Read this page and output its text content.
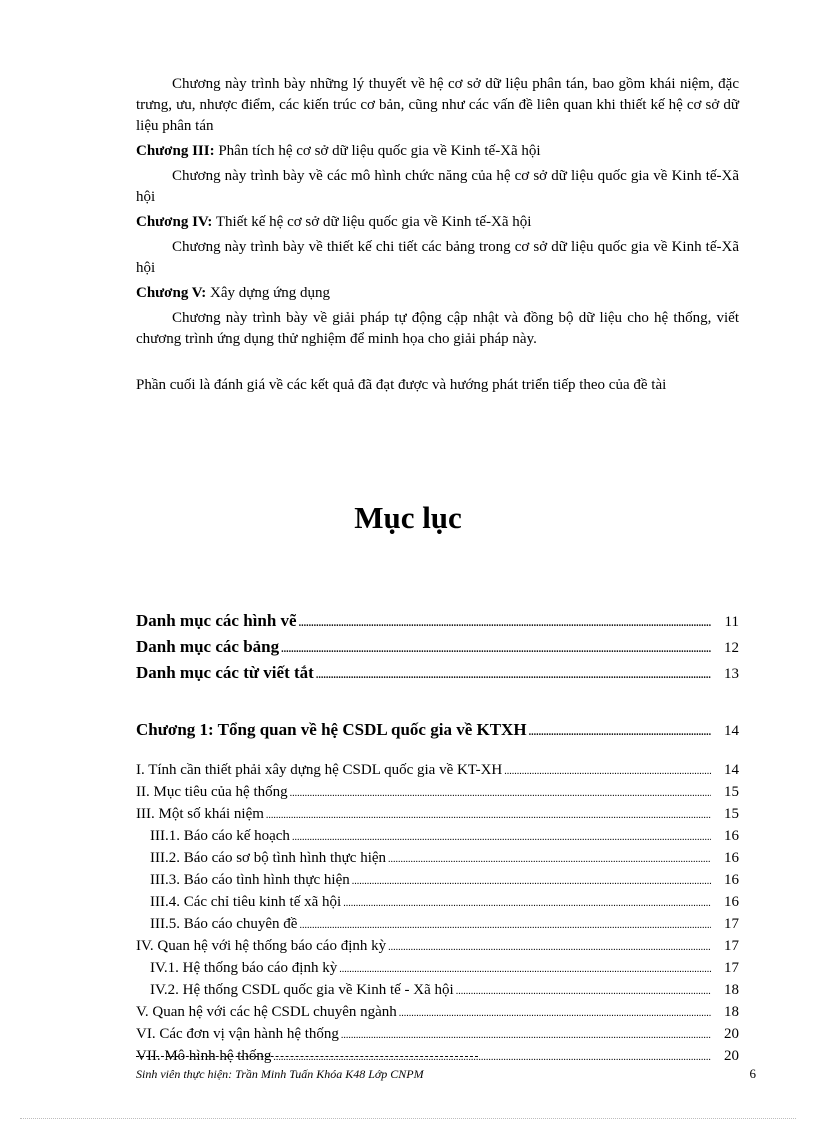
Chương này trình bày những lý thuyết về hệ cơ sở dữ liệu phân tán, bao gồm khái niệm, đặc trưng, ưu, nhược điểm, các kiến trúc cơ bản, cũng như các vấn đề liên quan khi thiết kế hệ cơ sở dữ liệu phân tán

Chương III: Phân tích hệ cơ sở dữ liệu quốc gia về Kinh tế-Xã hội

Chương này trình bày về các mô hình chức năng của hệ cơ sở dữ liệu quốc gia về Kinh tế-Xã hội

Chương IV: Thiết kế hệ cơ sở dữ liệu quốc gia về Kinh tế-Xã hội

Chương này trình bày về thiết kế chi tiết các bảng trong cơ sở dữ liệu quốc gia về Kinh tế-Xã hội

Chương V: Xây dựng ứng dụng

Chương này trình bày về giải pháp tự động cập nhật và đồng bộ dữ liệu cho hệ thống, viết chương trình ứng dụng thử nghiệm để minh họa cho giải pháp này.

Phần cuối là đánh giá về các kết quả đã đạt được và hướng phát triển tiếp theo của đề tài

Mục lục
Danh mục các hình vẽ .....	11
Danh mục các bảng .....	12
Danh mục các từ viết tắt .....	13
Chương 1: Tổng quan về hệ CSDL quốc gia về KTXH .....	14
I. Tính cần thiết phải xây dựng hệ CSDL quốc gia về KT-XH .....	14
II. Mục tiêu của hệ thống .....	15
III. Một số khái niệm .....	15
III.1. Báo cáo kế hoạch .....	16
III.2. Báo cáo sơ bộ tình hình thực hiện .....	16
III.3. Báo cáo tình hình thực hiện .....	16
III.4. Các chỉ tiêu kinh tế xã hội .....	16
III.5. Báo cáo chuyên đề .....	17
IV. Quan hệ với hệ thống báo cáo định kỳ .....	17
IV.1. Hệ thống báo cáo định kỳ .....	17
IV.2. Hệ thống CSDL quốc gia về Kinh tế - Xã hội .....	18
V. Quan hệ với các hệ CSDL chuyên ngành .....	18
VI. Các đơn vị vận hành hệ thống .....	20
VII. Mô hình hệ thống .....	20
Sinh viên thực hiện: Trần Minh Tuấn Khóa K48 Lớp CNPM	6
